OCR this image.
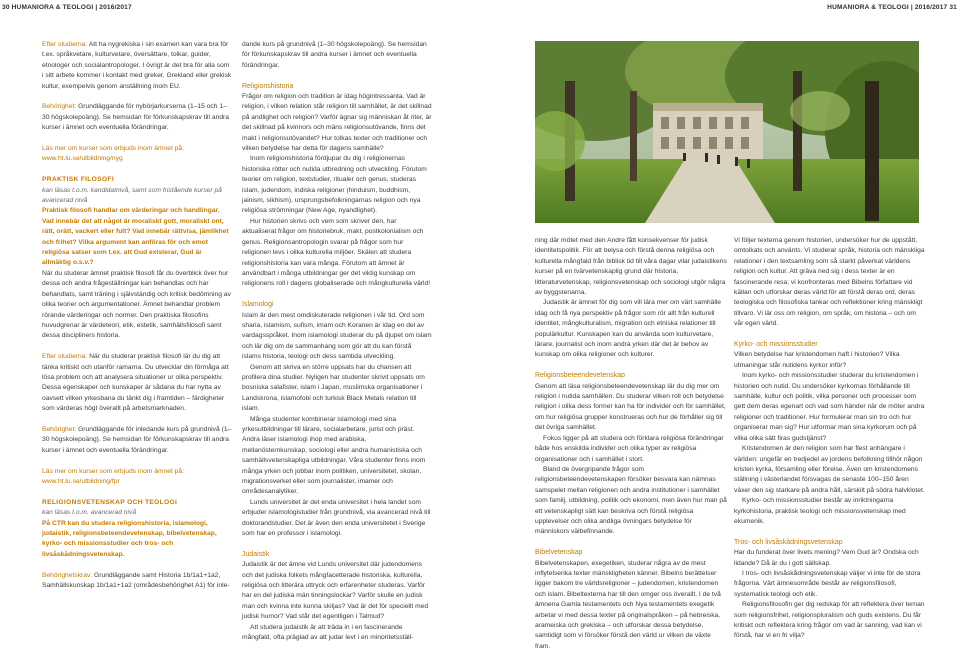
30 HUMANIORA & TEOLOGI | 2016/2017	HUMANIORA & TEOLOGI | 2016/2017 31

Efter studierna: Att ha nygrekiska i sin examen kan vara bra för t.ex. språkvetare, kulturvetare, översättare, tolkar, guider, etnologer och socialantropologer. I övrigt är det bra för alla som i sitt arbete kommer i kontakt med greker, Grekland eller grekisk kultur, exempelvis genom anställning inom EU.

Behörighet: Grundläggande för nybörjarkurserna (1–15 och 1–30 högskolepoäng). Se hemsidan för förkunskapskrav till andra kurser i ämnet och eventuella förändringar.

Läs mer om kurser som erbjuds inom ämnet på: www.ht.lu.se/utbildning/nyg

PRAKTISK FILOSOFI

kan läsas t.o.m. kandidatnivå, samt som fristående kurser på avancerad nivå

Praktisk filosofi handlar om värderingar och handlingar. Vad innebär det att något är moraliskt gott, moraliskt ont, rätt, orätt, vackert eller fult? Vad innebär rättvisa, jämlikhet och frihet? Vilka argument kan anföras för och emot religiösa satser som t.ex. att Gud existerar, Gud är allmäktig o.s.v.?

När du studerar ämnet praktisk filosofi får du överblick över hur dessa och andra frågeställningar kan behandlas och har behandlats, samt träning i självständig och kritisk bedömning av olika teorier och argumentationer. Ämnet behandlar problem rörande värderingar och normer. Den praktiska filosofins huvudgrenar är värdeteori, etik, estetik, samhällsfilosofi samt dessa discipliners historia.

Efter studierna: När du studerar praktisk filosofi lär du dig att tänka kritiskt och utanför ramarna. Du utvecklar din förmåga att lösa problem och att analysera situationer ur olika perspektiv. Dessa egenskaper och kunskaper är sådana du har nytta av oavsett vilken yrkesbana du tänkt dig i framtiden – färdigheter som värderas högt överallt på arbetsmarknaden.

Behörighet: Grundläggande för inledande kurs på grundnivå (1–30 högskolepoäng). Se hemsidan för förkunskapskrav till andra kurser i ämnet och eventuella förändringar.

Läs mer om kurser som erbjuds inom ämnet på: www.ht.lu.se/utbildning/fpr

RELIGIONSVETENSKAP OCH TEOLOGI

kan läsas t.o.m. avancerad nivå

På CTR kan du studera religionshistoria, islamologi, judaistik, religionsbeteendevetenskap, bibelvetenskap, kyrko- och missionsstudier och tros- och livsåskådningsvetenskap.

Behörighetskrav: Grundläggande samt Historia 1b/1a1+1a2, Samhällskunskap 1b/1a1+1a2 (områdesbehörighet A1) för inle-

dande kurs på grundnivå (1–30 högskolepoäng). Se hemsidan för förkunskapskrav till andra kurser i ämnet och eventuella förändringar.

Religionshistoria

Frågor om religion och tradition är idag högintressanta. Vad är religion, i vilken relation står religion till samhället, är det skillnad på andlighet och religion? Varför ägnar sig människan åt riter, är det skillnad på kvinnors och mäns religionsutövande, finns det makt i religionsutövandet? Hur tolkas texter och traditioner och vilken betydelse har detta för dagens samhälle?

Inom religionshistoria fördjupar du dig i religionernas historiska rötter och nutida utbredning och utveckling. Förutom teorier om religion, textstudier, ritualer och genus, studeras islam, judendom, indiska religioner (hinduism, buddhism, jainism, sikhism), ursprungsbefolkningarnas religion och nya religiösa strömningar (New Age, nyandlighet).

Hur historien skrivs och vem som skriver den, har aktualiserat frågor om historiebruk, makt, postkolonialism och genus. Religionsantropologin svarar på frågor som hur religionen levs i olika kulturella miljöer. Skälen att studera religionshistoria kan vara många. Förutom att ämnet är användbart i många utbildningar ger det viktig kunskap om religionens roll i dagens globaliserade och mångkulturella värld!

Islamologi

Islam är den mest omdiskuterade religionen i vår tid. Ord som sharia, islamism, sufism, imam och Koranen är idag en del av vardagsspråket. Inom islamologi studerar du på djupet om islam och lär dig om de sammanhang som gör att du kan förstå islams historia, teologi och dess samtida utveckling.

Genom att skriva en större uppsats har du chansen att profilera dina studier. Nyligen har studenter skrivit uppsats om bosniska salafister, islam i Japan, muslimska organisationer i Landskrona, islamofobi och turkisk Black Metals relation till islam.

Många studenter kombinerar islamologi med sina yrkesutbildningar till lärare, socialarbetare, jurist och präst. Andra läser islamologi ihop med arabiska, mellanösternkunskap, sociologi eller andra humanistiska och samhällsvetenskapliga utbildningar. Våra studenter finns inom många yrken och jobbar inom politiken, universitetet, skolan, migrationsverket eller som journalister, imamer och områdesanalytiker.

Lunds universitet är det enda universitet i hela landet som erbjuder islamologistudier från grundnivå, via avancerad nivå till doktorandstudier. Det är även den enda universitetet i Sverige som har en professor i islamologi.

Judaistik

Judaistik är det ämne vid Lunds universitet där judendomens och det judiska folkets mångfacetterade historiska, kulturella, religiösa och litterära uttryck och erfarenheter studeras. Varför har en del judiska män tinningslockar? Varför skulle en judisk man och kvinna inte kunna skiljas? Vad är det för speciellt med judisk humor? Vad står det egentligen i Talmud?

Att studera judaistik är att träda in i en fascinerande mångfald, ofta präglad av att judar levt i en minoritetsställ-

ning där mötet med den Andre fått konsekvenser för judisk identitetspolitik. För att belysa och förstå denna religiösa och kulturella mångfald från biblisk tid till våra dagar vilar judaistikens kurser på en tvärvetenskaplig grund där historia, litteraturvetenskap, religionsvetenskap och sociologi utgör några av byggstenarna.

Judaistik är ämnet för dig som vill lära mer om värt samhälle idag och få nya perspektiv på frågor som rör allt från kulturell identitet, mångkulturalism, migration och etniska relationer till populärkultur. Kunskapen kan du använda som kulturvetare, lärare, journalist och inom andra yrken där det är behov av kunskap om olika religioner och kulturer.

Religionsbeteendevetenskap

Genom att läsa religionsbeteendevetenskap lär du dig mer om religion i nutida samhällen. Du studerar vilken roll och betydelse religion i olika dess former kan ha för individer och för samhället, om hur religiösa grupper konstrueras och hur de förhåller sig till det övriga samhället.

Fokus ligger på att studera och förklara religiösa förändringar både hos enskilda individer och olika typer av religiösa organisationer och i samhället i stort.

Bland de övergripande frågor som religionsbeteendevetenskapen försöker besvara kan nämnas samspelet mellan religionen och andra institutioner i samhället som familj, utbildning, politik och ekonomi, men även hur man på ett vetenskapligt sätt kan beskriva och förstå religiösa upplevelser och olika andliga övningars betydelse för människors välbefinnande.

Bibelvetenskap

Bibelvetenskapen, exegetiken, studerar några av de mest inflytelserika texter mänskligheten känner. Bibelns berättelser ligger bakom tre världsreligioner – judendomen, kristendomen och islam. Bibeltexterna har till den omger oss överallt. I de två ämnena Gamla testamentets och Nya testamentets exegetik arbetar vi med dessa texter på originalspråken – på hebreiska, arameiska och grekiska – och utforskar dessa betydelse, samtidigt som vi försöker förstå den värld ur vilken de växte fram.

Vi följer texterna genom historien, undersöker hur de uppstått, omtolkats och använts. Vi studerar språk, historia och mänskliga relationer i den textsamling som så starkt påverkat världens religion och kultur. Att gräva ned sig i dess texter är en fascinerande resa; vi konfronteras med Bibelns författare vid källan och utforskar deras värld för att förstå deras ord, deras teologiska och filosofiska tankar och reflektioner kring mänskligt tillvaro. Vi lär oss om religion, om språk, om historia – och om vår egen värld.

Kyrko- och missionsstudier

Vilken betydelse har kristendomen haft i historien? Vilka utmaningar står nutidens kyrkor inför?

Inom kyrko- och missionsstudier studerar du kristendomen i historien och nutid. Du undersöker kyrkornas förhållande till samhälle, kultur och politik, vilka personer och processer som gett dem deras egenart och vad som händer när de möter andra religioner och traditioner. Hur formulerar man sin tro och hur organiserar man sig? Hur utformar man sina kyrkorum och på vilka olika sätt firas gudstjänst?

Kristendomen är den religion som har flest anhängare i världen: ungefär en tredjedel av jordens befolkning tillhör någon kristen kyrka, församling eller förelse. Även om kristendomens ställning i västerlandet försvagas de senaste 100–150 åren växer den sig starkare på andra håll, särskilt på södra halvklotet.

Kyrko- och missionsstudier består av inriktningarna kyrkohistoria, praktisk teologi och missionsvetenskap med ekumenik.

Tros- och livsåskådningsvetenskap

Har du funderat över livets mening? Vem Gud är? Ondska och lidande? Då är du i gott sällskap.

I tros- och livsåskådningsvetenskap väljer vi inte för de stora frågorna. Värt ämnesområde består av religionsfilosofi, systematisk teologi och etik.

Religionsfilosofin ger dig redskap för att reflektera över ternan som religionsfrihet, religionspluralism och guds existens. Du får kritiskt och reflektera kring frågor om vad är sanning, vad kan vi förstå, har vi en fri vilja?
